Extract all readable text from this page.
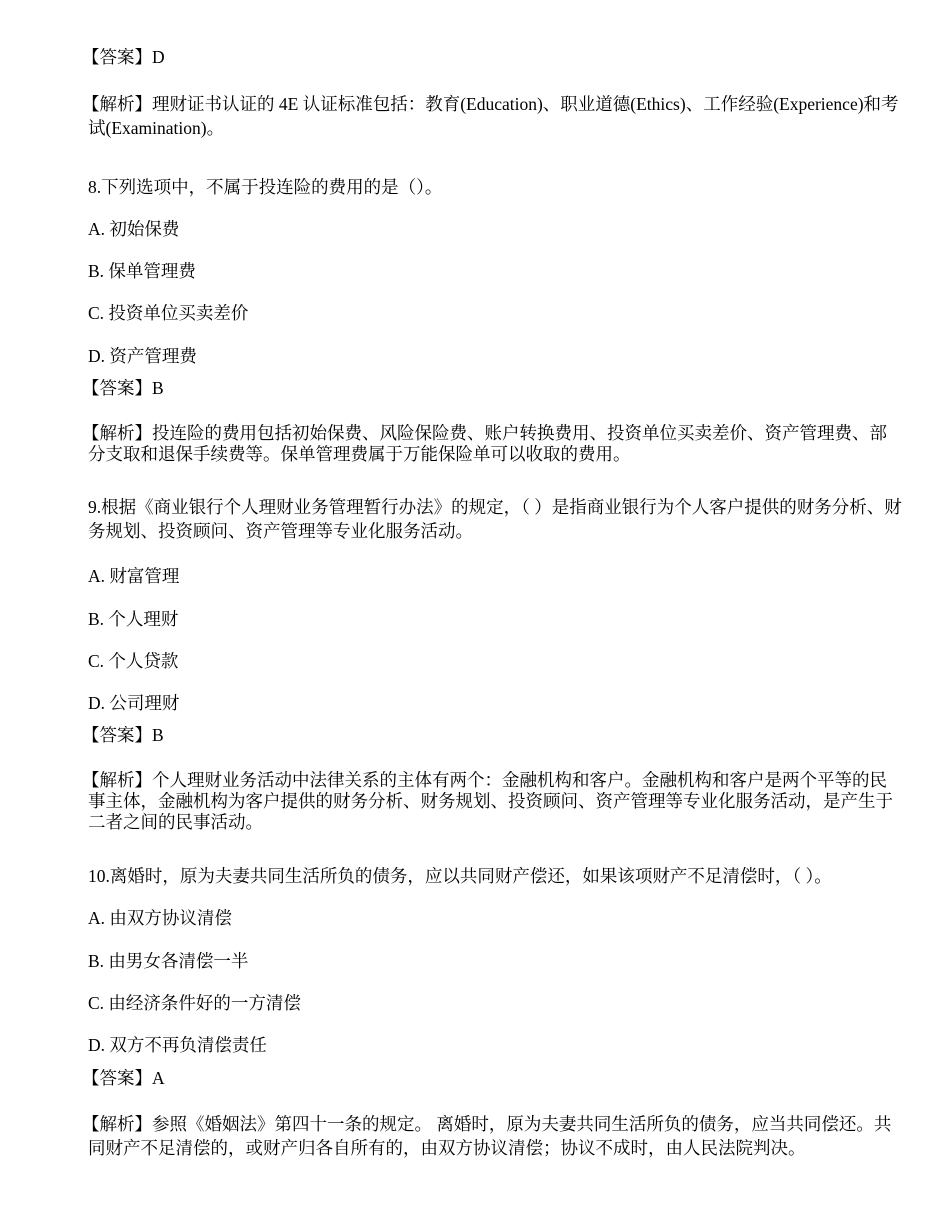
【答案】D
【解析】理财证书认证的 4E 认证标准包括：教育(Education)、职业道德(Ethics)、工作经验(Experience)和考试(Examination)。
8.下列选项中，不属于投连险的费用的是（）。
A. 初始保费
B. 保单管理费
C. 投资单位买卖差价
D. 资产管理费
【答案】B
【解析】投连险的费用包括初始保费、风险保险费、账户转换费用、投资单位买卖差价、资产管理费、部分支取和退保手续费等。保单管理费属于万能保险单可以收取的费用。
9.根据《商业银行个人理财业务管理暂行办法》的规定，（ ）是指商业银行为个人客户提供的财务分析、财务规划、投资顾问、资产管理等专业化服务活动。
A. 财富管理
B. 个人理财
C. 个人贷款
D. 公司理财
【答案】B
【解析】个人理财业务活动中法律关系的主体有两个：金融机构和客户。金融机构和客户是两个平等的民事主体，金融机构为客户提供的财务分析、财务规划、投资顾问、资产管理等专业化服务活动，是产生于二者之间的民事活动。
10.离婚时，原为夫妻共同生活所负的债务，应以共同财产偿还，如果该项财产不足清偿时，（ ）。
A. 由双方协议清偿
B. 由男女各清偿一半
C. 由经济条件好的一方清偿
D. 双方不再负清偿责任
【答案】A
【解析】参照《婚姻法》第四十一条的规定。 离婚时，原为夫妻共同生活所负的债务，应当共同偿还。共同财产不足清偿的，或财产归各自所有的，由双方协议清偿；协议不成时，由人民法院判决。
